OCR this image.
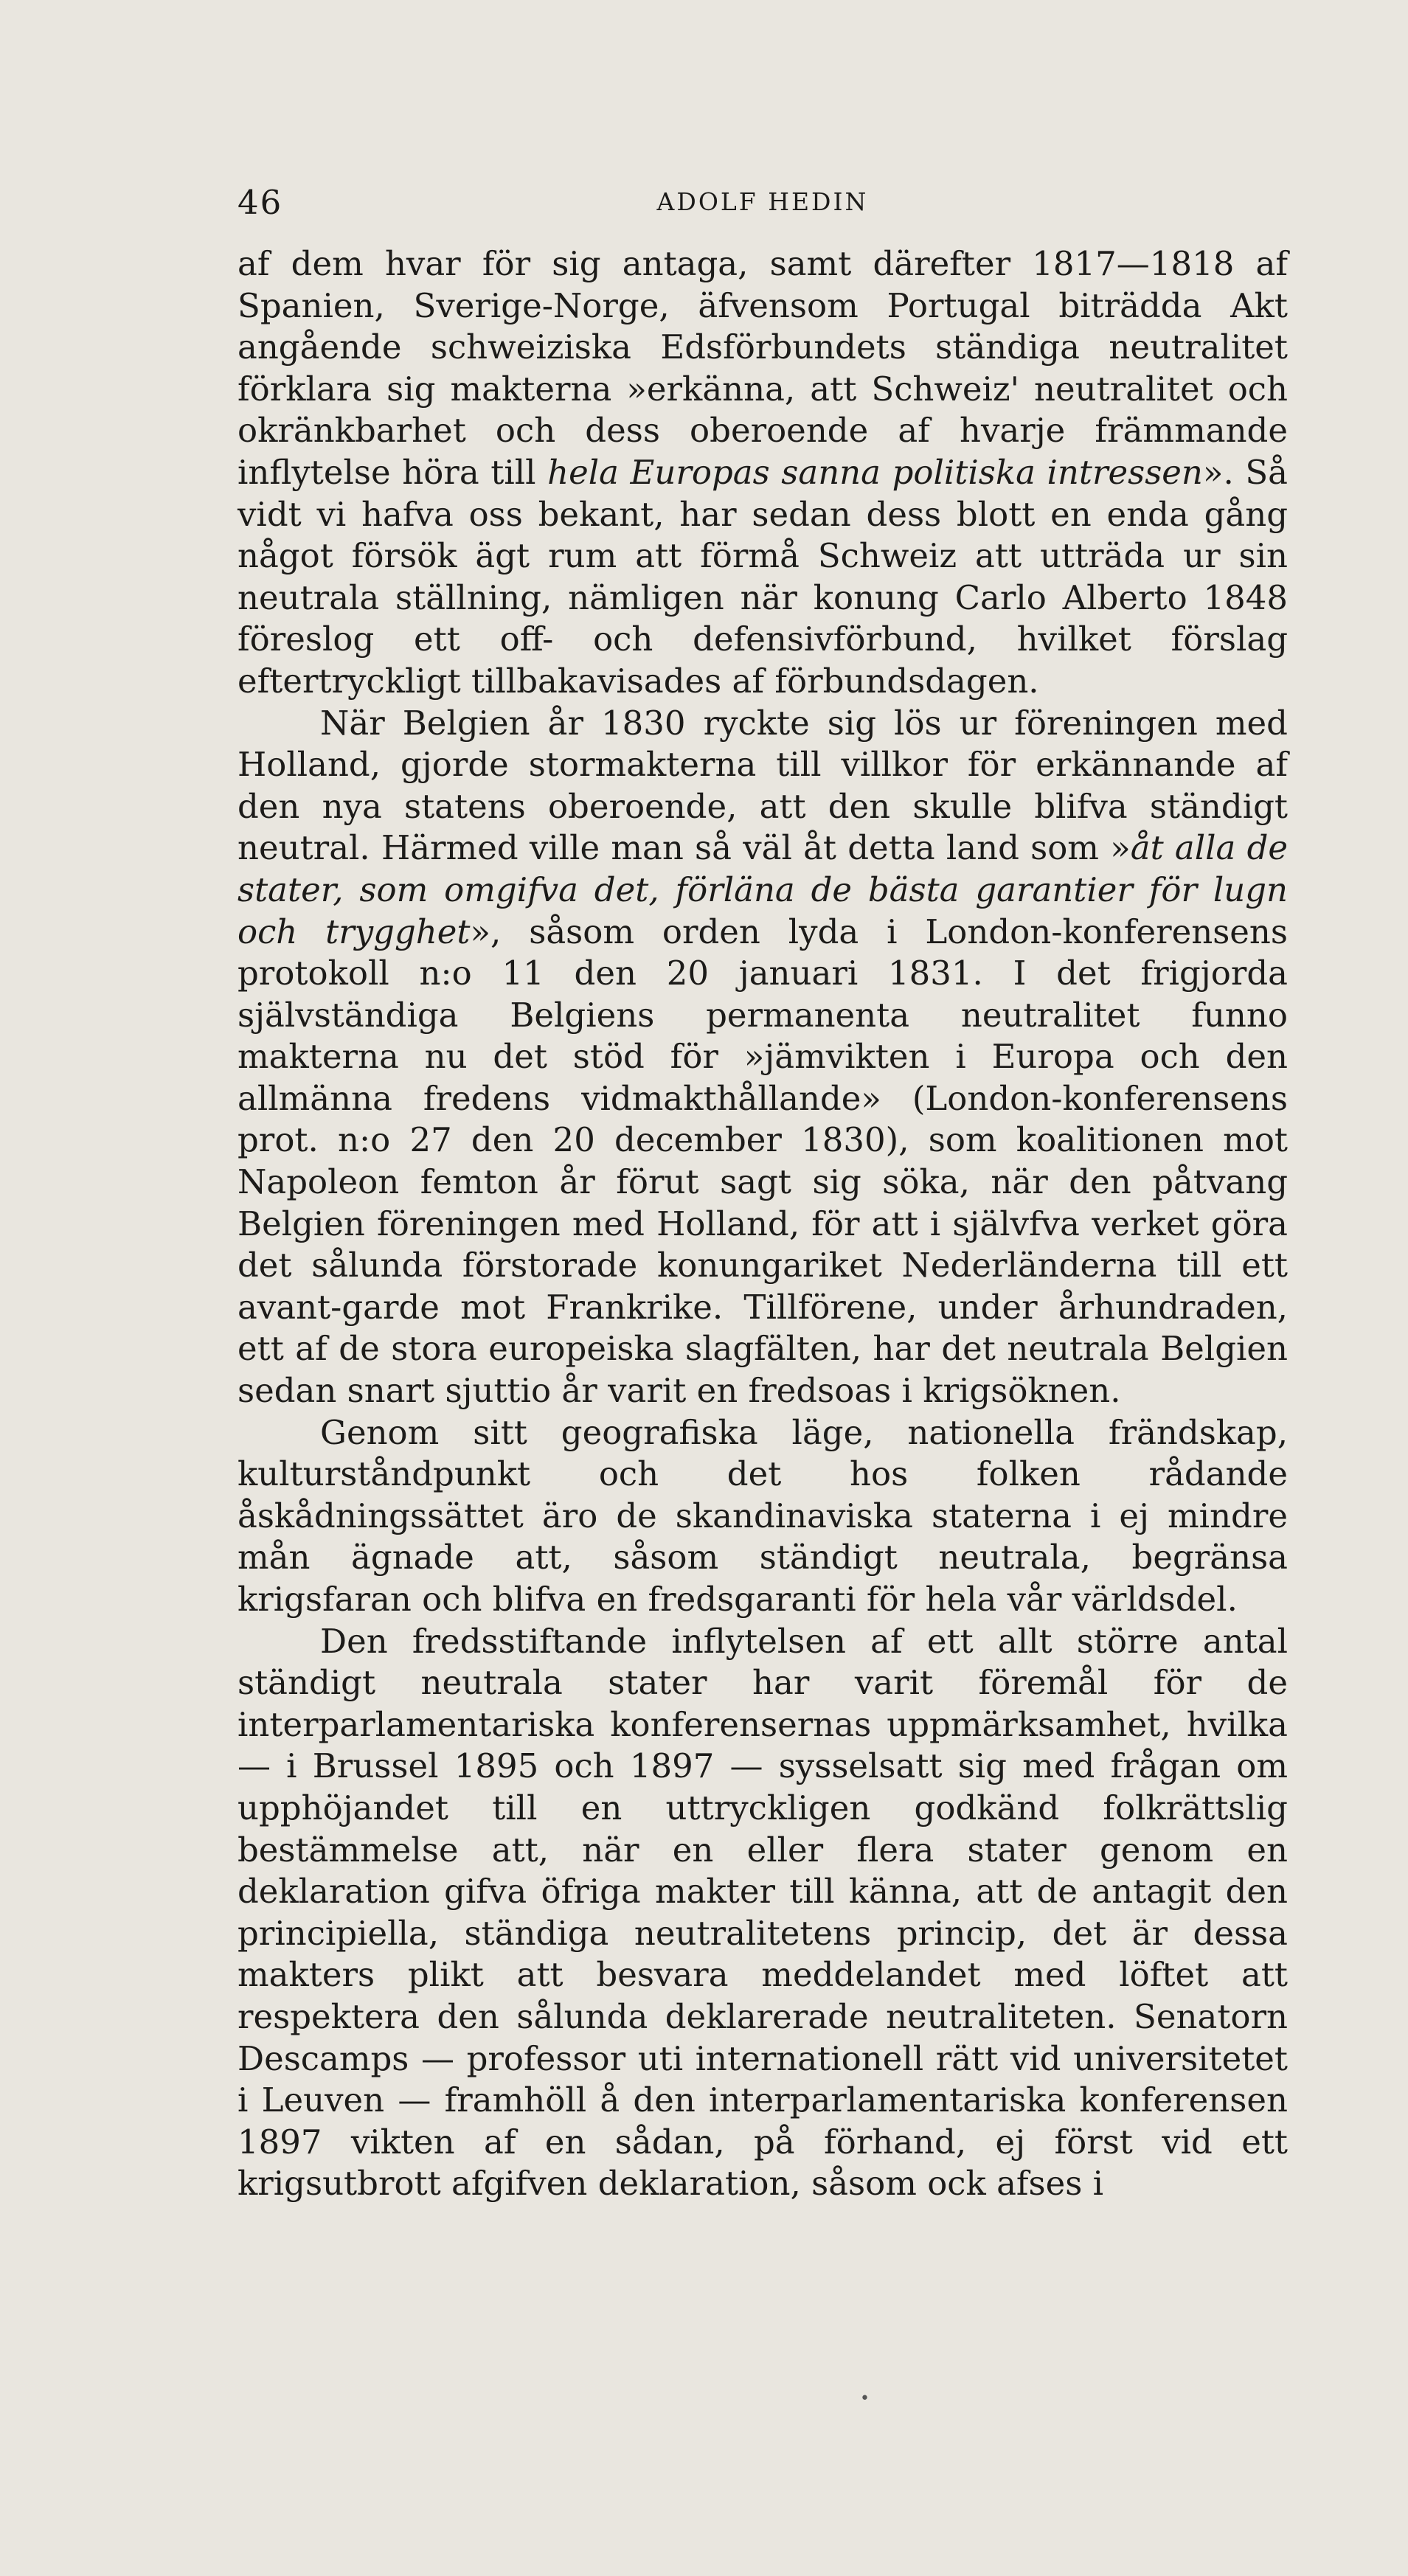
46	ADOLF HEDIN

af dem hvar för sig antaga, samt därefter 1817—1818 af Spanien, Sverige-Norge, äfvensom Portugal biträdda Akt angående schweiziska Edsförbundets ständiga neutralitet förklara sig makterna »erkänna, att Schweiz' neutralitet och okränkbarhet och dess oberoende af hvarje främmande inflytelse höra till hela Europas sanna politiska intressen». Så vidt vi hafva oss bekant, har sedan dess blott en enda gång något försök ägt rum att förmå Schweiz att utträda ur sin neutrala ställning, nämligen när konung Carlo Alberto 1848 föreslog ett off- och defensivförbund, hvilket förslag eftertryckligt tillbakavisades af förbundsdagen.

När Belgien år 1830 ryckte sig lös ur föreningen med Holland, gjorde stormakterna till villkor för erkännande af den nya statens oberoende, att den skulle blifva ständigt neutral. Härmed ville man så väl åt detta land som »åt alla de stater, som omgifva det, förläna de bästa garantier för lugn och trygghet», såsom orden lyda i London-konferensens protokoll n:o 11 den 20 januari 1831. I det frigjorda självständiga Belgiens permanenta neutralitet funno makterna nu det stöd för »jämvikten i Europa och den allmänna fredens vidmakthållande» (London-konferensens prot. n:o 27 den 20 december 1830), som koalitionen mot Napoleon femton år förut sagt sig söka, när den påtvang Belgien föreningen med Holland, för att i självfva verket göra det sålunda förstorade konungariket Nederländerna till ett avant-garde mot Frankrike. Tillförene, under århundraden, ett af de stora europeiska slagfälten, har det neutrala Belgien sedan snart sjuttio år varit en fredsoas i krigsöknen.

Genom sitt geografiska läge, nationella frändskap, kulturståndpunkt och det hos folken rådande åskådningssättet äro de skandinaviska staterna i ej mindre mån ägnade att, såsom ständigt neutrala, begränsa krigsfaran och blifva en fredsgaranti för hela vår världsdel.

Den fredsstiftande inflytelsen af ett allt större antal ständigt neutrala stater har varit föremål för de interparlamentariska konferensernas uppmärksamhet, hvilka — i Brussel 1895 och 1897 — sysselsatt sig med frågan om upphöjandet till en uttryckligen godkänd folkrättslig bestämmelse att, när en eller flera stater genom en deklaration gifva öfriga makter till känna, att de antagit den principiella, ständiga neutralitetens princip, det är dessa makters plikt att besvara meddelandet med löftet att respektera den sålunda deklarerade neutraliteten. Senatorn Descamps — professor uti internationell rätt vid universitetet i Leuven — framhöll å den interparlamentariska konferensen 1897 vikten af en sådan, på förhand, ej först vid ett krigsutbrott afgifven deklaration, såsom ock afses i

•
